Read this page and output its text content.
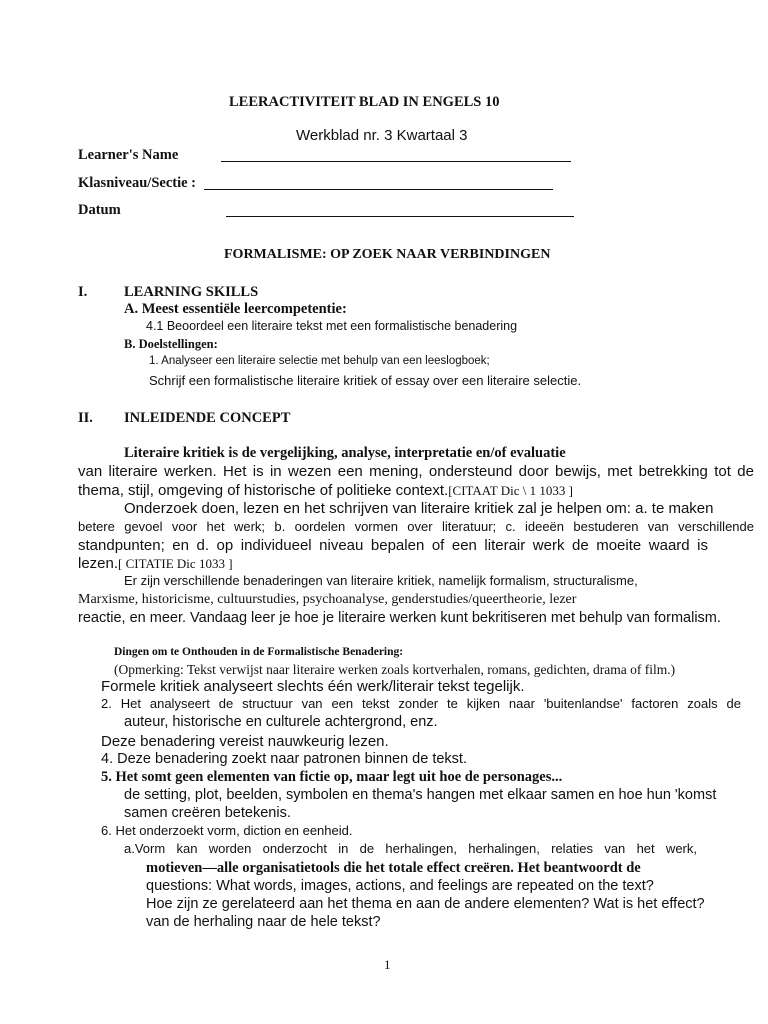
LEERACTIVITEIT BLAD IN ENGELS 10
Werkblad nr. 3 Kwartaal 3
Learner's Name
Klasniveau/Sectie :
Datum
FORMALISME: OP ZOEK NAAR VERBINDINGEN
I.	LEARNING SKILLS
A. Meest essentiële leercompetentie:
4.1 Beoordeel een literaire tekst met een formalistische benadering
B. Doelstellingen:
1. Analyseer een literaire selectie met behulp van een leeslogboek;
Schrijf een formalistische literaire kritiek of essay over een literaire selectie.
II. INLEIDENDE CONCEPT
Literaire kritiek is de vergelijking, analyse, interpretatie en/of evaluatie
van literaire werken. Het is in wezen een mening, ondersteund door bewijs, met betrekking tot de
thema, stijl, omgeving of historische of politieke context.[CITAAT Dic \ 1 1033 ]
Onderzoek doen, lezen en het schrijven van literaire kritiek zal je helpen om: a. te maken
betere gevoel voor het werk; b. oordelen vormen over literatuur; c. ideeën bestuderen van verschillende
standpunten; en d. op individueel niveau bepalen of een literair werk de moeite waard is
lezen.[ CITATIE Dic 1033 ]
Er zijn verschillende benaderingen van literaire kritiek, namelijk formalism, structuralisme,
Marxisme, historicisme, cultuurstudies, psychoanalyse, genderstudies/queertheorie, lezer
reactie, en meer. Vandaag leer je hoe je literaire werken kunt bekritiseren met behulp van formalism.
Dingen om te Onthouden in de Formalistische Benadering:
(Opmerking: Tekst verwijst naar literaire werken zoals kortverhalen, romans, gedichten, drama of film.)
Formele kritiek analyseert slechts één werk/literair tekst tegelijk.
2. Het analyseert de structuur van een tekst zonder te kijken naar 'buitenlandse' factoren zoals de
auteur, historische en culturele achtergrond, enz.
Deze benadering vereist nauwkeurig lezen.
4. Deze benadering zoekt naar patronen binnen de tekst.
5. Het somt geen elementen van fictie op, maar legt uit hoe de personages...
de setting, plot, beelden, symbolen en thema's hangen met elkaar samen en hoe hun 'komst
samen creëren betekenis.
6. Het onderzoekt vorm, diction en eenheid.
a.Vorm kan worden onderzocht in de herhalingen, herhalingen, relaties van het werk,
motieven—alle organisatietools die het totale effect creëren. Het beantwoordt de
questions: What words, images, actions, and feelings are repeated on the text?
Hoe zijn ze gerelateerd aan het thema en aan de andere elementen? Wat is het effect?
van de herhaling naar de hele tekst?
1
